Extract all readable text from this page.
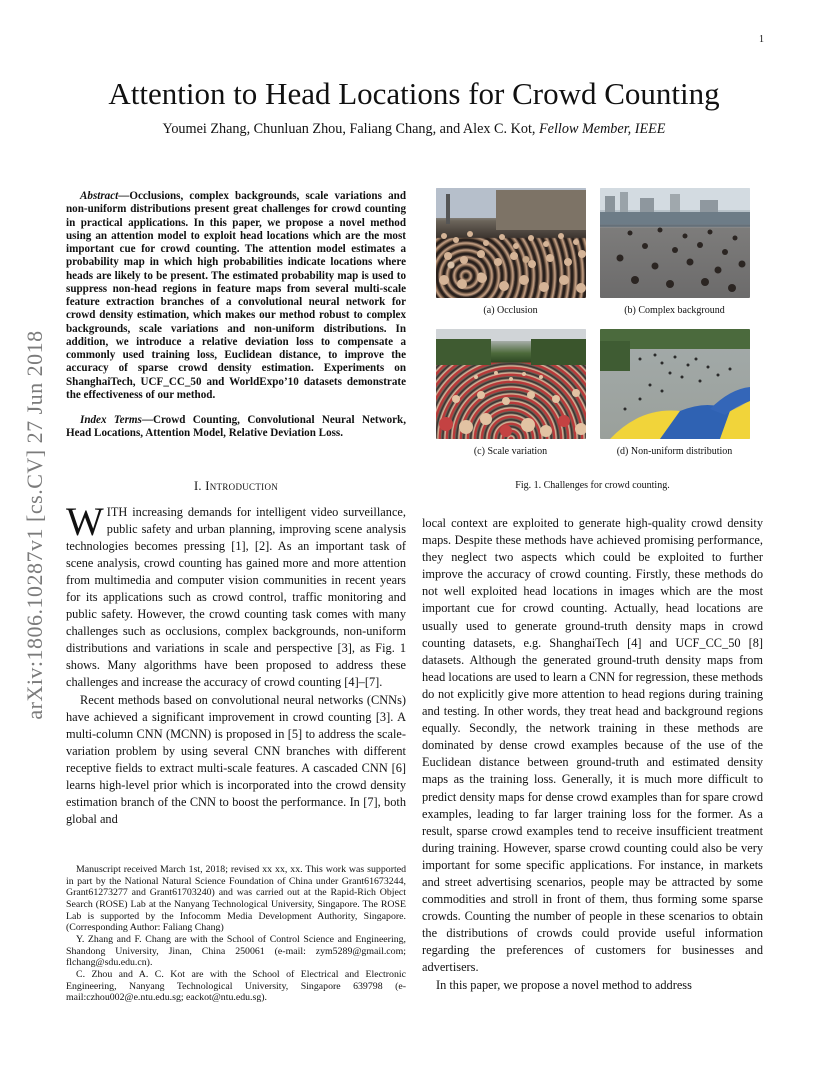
1
arXiv:1806.10287v1 [cs.CV] 27 Jun 2018
Attention to Head Locations for Crowd Counting
Youmei Zhang, Chunluan Zhou, Faliang Chang, and Alex C. Kot, Fellow Member, IEEE

Abstract—Occlusions, complex backgrounds, scale variations and non-uniform distributions present great challenges for crowd counting in practical applications. In this paper, we propose a novel method using an attention model to exploit head locations which are the most important cue for crowd counting. The attention model estimates a probability map in which high probabilities indicate locations where heads are likely to be present. The estimated probability map is used to suppress non-head regions in feature maps from several multi-scale feature extraction branches of a convolutional neural network for crowd density estimation, which makes our method robust to complex backgrounds, scale variations and non-uniform distributions. In addition, we introduce a relative deviation loss to compensate a commonly used training loss, Euclidean distance, to improve the accuracy of sparse crowd density estimation. Experiments on ShanghaiTech, UCF_CC_50 and WorldExpo’10 datasets demonstrate the effectiveness of our method.

Index Terms—Crowd Counting, Convolutional Neural Network, Head Locations, Attention Model, Relative Deviation Loss.

I. Introduction

WITH increasing demands for intelligent video surveillance, public safety and urban planning, improving scene analysis technologies becomes pressing [1], [2]. As an important task of scene analysis, crowd counting has gained more and more attention from multimedia and computer vision communities in recent years for its applications such as crowd control, traffic monitoring and public safety. However, the crowd counting task comes with many challenges such as occlusions, complex backgrounds, non-uniform distributions and variations in scale and perspective [3], as Fig. 1 shows. Many algorithms have been proposed to address these challenges and increase the accuracy of crowd counting [4]–[7].

Recent methods based on convolutional neural networks (CNNs) have achieved a significant improvement in crowd counting [3]. A multi-column CNN (MCNN) is proposed in [5] to address the scale-variation problem by using several CNN branches with different receptive fields to extract multi-scale features. A cascaded CNN [6] learns high-level prior which is incorporated into the crowd density estimation branch of the CNN to boost the performance. In [7], both global and

Manuscript received March 1st, 2018; revised xx xx, xx. This work was supported in part by the National Natural Science Foundation of China under Grant61673244, Grant61273277 and Grant61703240) and was carried out at the Rapid-Rich Object Search (ROSE) Lab at the Nanyang Technological University, Singapore. The ROSE Lab is supported by the Infocomm Media Development Authority, Singapore. (Corresponding Author: Faliang Chang)

Y. Zhang and F. Chang are with the School of Control Science and Engineering, Shandong University, Jinan, China 250061 (e-mail: zym5289@gmail.com; flchang@sdu.edu.cn).

C. Zhou and A. C. Kot are with the School of Electrical and Electronic Engineering, Nanyang Technological University, Singapore 639798 (e-mail:czhou002@e.ntu.edu.sg; eackot@ntu.edu.sg).

(a) Occlusion	(b) Complex background
(c) Scale variation	(d) Non-uniform distribution
Fig. 1. Challenges for crowd counting.

local context are exploited to generate high-quality crowd density maps. Despite these methods have achieved promising performance, they neglect two aspects which could be exploited to further improve the accuracy of crowd counting. Firstly, these methods do not well exploited head locations in images which are the most important cue for crowd counting. Actually, head locations are usually used to generate ground-truth density maps in crowd counting datasets, e.g. ShanghaiTech [4] and UCF_CC_50 [8] datasets. Although the generated ground-truth density maps from head locations are used to learn a CNN for regression, these methods do not explicitly give more attention to head regions during training and testing. In other words, they treat head and background regions equally. Secondly, the network training in these methods are dominated by dense crowd examples because of the use of the Euclidean distance between ground-truth and estimated density maps as the training loss. Generally, it is much more difficult to predict density maps for dense crowd examples than for spare crowd examples, leading to far larger training loss for the former. As a result, sparse crowd examples tend to receive insufficient treatment during training. However, sparse crowd counting could also be very important for some specific applications. For instance, in markets and street advertising scenarios, people may be attracted by some commodities and stroll in front of them, thus forming some sparse crowds. Counting the number of people in these scenarios to obtain the distributions of crowds could provide useful information regarding the preferences of customers for businesses and advertisers.

In this paper, we propose a novel method to address
